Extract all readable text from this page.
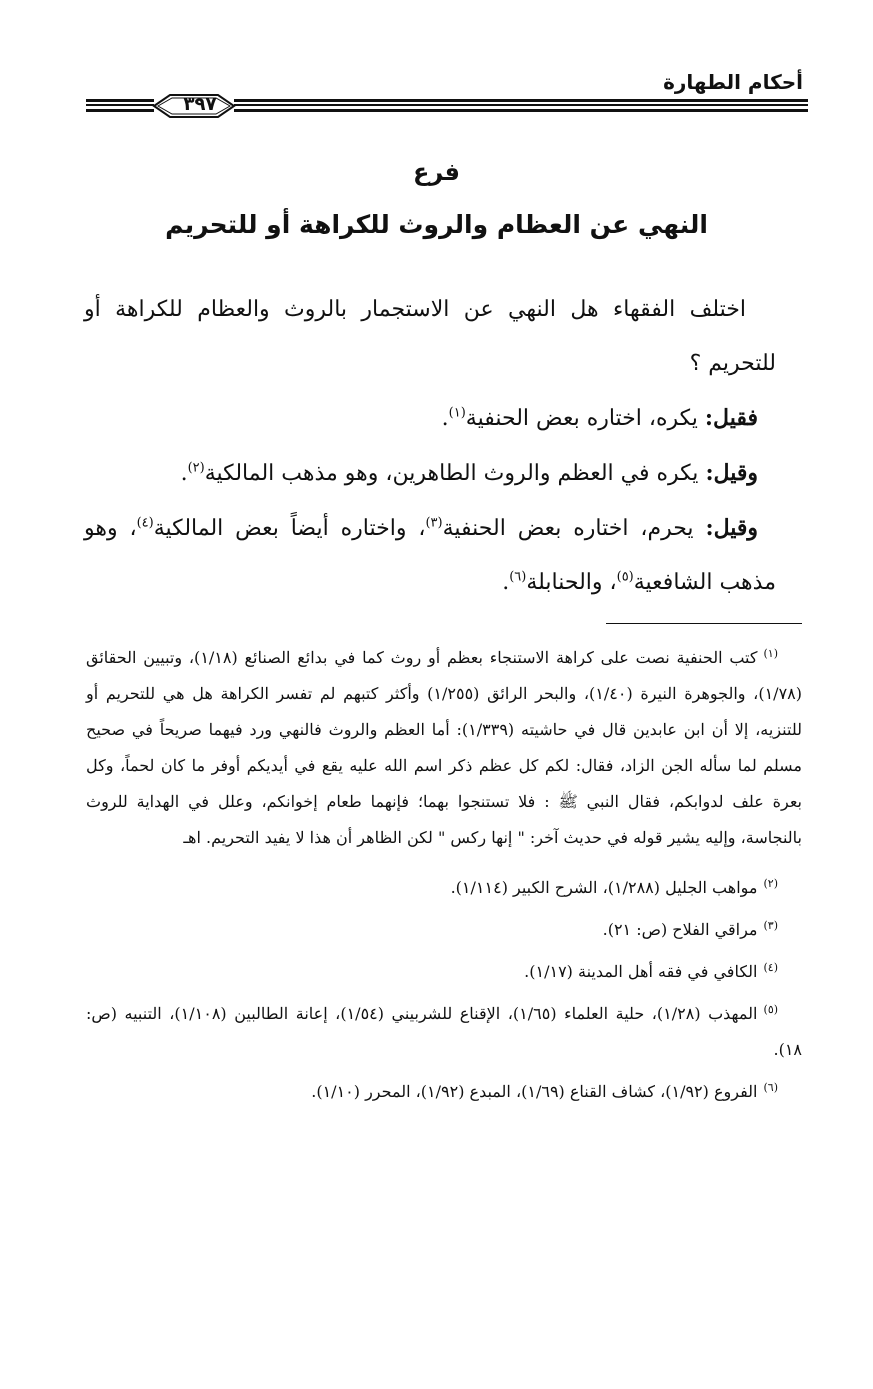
أحكام الطهارة
٣٩٧
فرع
النهي عن العظام والروث للكراهة أو للتحريم

اختلف الفقهاء هل النهي عن الاستجمار بالروث والعظام للكراهة أو للتحريم ؟

فقيل: يكره، اختاره بعض الحنفية$^{(١)}$.

وقيل: يكره في العظم والروث الطاهرين، وهو مذهب المالكية$^{(٢)}$.

وقيل: يحرم، اختاره بعض الحنفية$^{(٣)}$، واختاره أيضاً بعض المالكية$^{(٤)}$، وهو مذهب الشافعية$^{(٥)}$، والحنابلة$^{(٦)}$.

$^{(١)}$كتب الحنفية نصت على كراهة الاستنجاء بعظم أو روث كما في بدائع الصنائع (١/١٨)، وتبيين الحقائق (١/٧٨)، والجوهرة النيرة (١/٤٠)، والبحر الرائق (١/٢٥٥) وأكثر كتبهم لم تفسر الكراهة هل هي للتحريم أو للتنزيه، إلا أن ابن عابدين قال في حاشيته (١/٣٣٩): أما العظم والروث فالنهي ورد فيهما صريحاً في صحيح مسلم لما سأله الجن الزاد، فقال: لكم كل عظم ذكر اسم الله عليه يقع في أيديكم أوفر ما كان لحماً، وكل بعرة علف لدوابكم، فقال النبي ﷺ : فلا تستنجوا بهما؛ فإنهما طعام إخوانكم، وعلل في الهداية للروث بالنجاسة، وإليه يشير قوله في حديث آخر: " إنها ركس " لكن الظاهر أن هذا لا يفيد التحريم. اهـ

$^{(٢)}$مواهب الجليل (١/٢٨٨)، الشرح الكبير (١/١١٤).

$^{(٣)}$مراقي الفلاح (ص: ٢١).

$^{(٤)}$الكافي في فقه أهل المدينة (١/١٧).

$^{(٥)}$المهذب (١/٢٨)، حلية العلماء (١/٦٥)، الإقناع للشربيني (١/٥٤)، إعانة الطالبين (١/١٠٨)، التنبيه (ص: ١٨).

$^{(٦)}$الفروع (١/٩٢)، كشاف القناع (١/٦٩)، المبدع (١/٩٢)، المحرر (١/١٠).
